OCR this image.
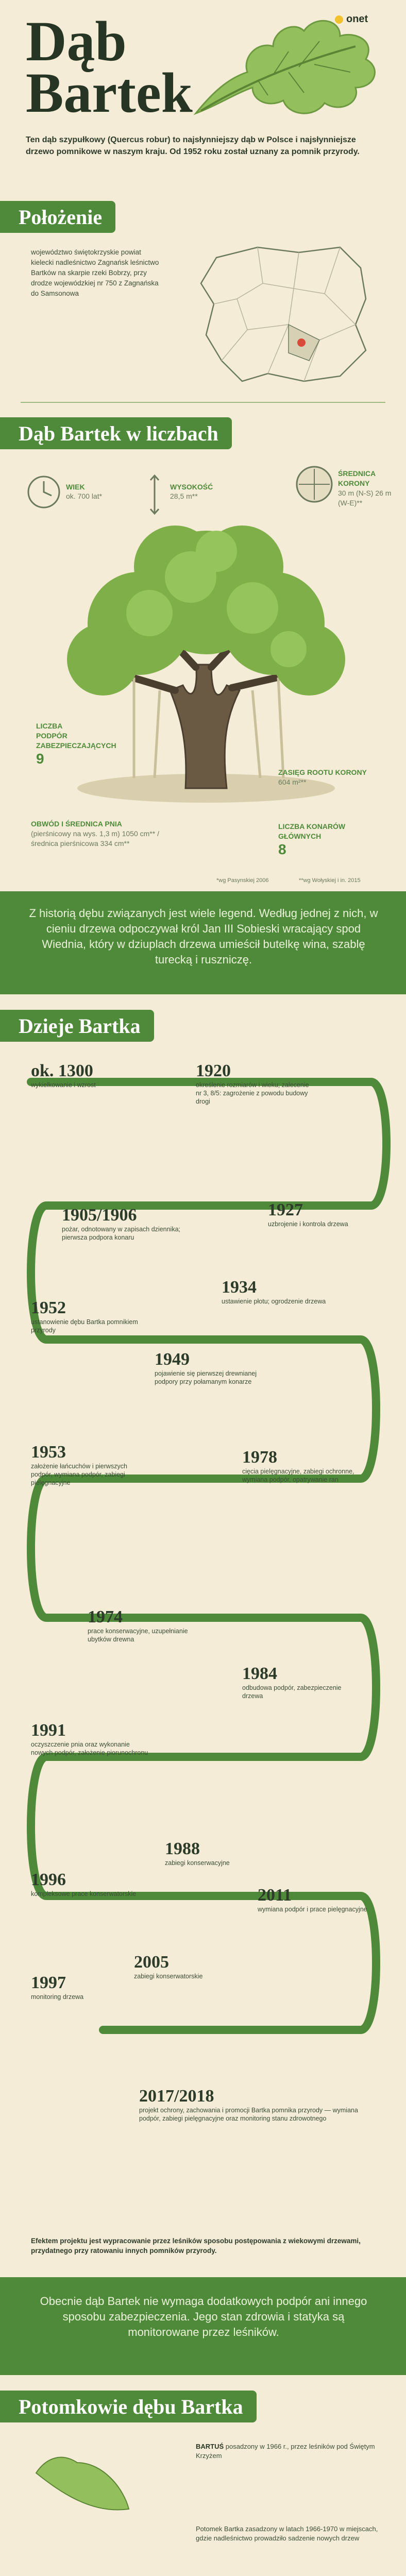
Dąb
Bartek
onet
Ten dąb szypułkowy (Quercus robur) to najsłynniejszy dąb w Polsce i najsłynniejsze drzewo pomnikowe w naszym kraju. Od 1952 roku został uznany za pomnik przyrody.
Położenie
województwo świętokrzyskie powiat kielecki nadleśnictwo Zagnańsk leśnictwo Bartków na skarpie rzeki Bobrzy, przy drodze wojewódzkiej nr 750 z Zagnańska do Samsonowa
Dąb Bartek w liczbach
WIEK
ok. 700 lat*
WYSOKOŚĆ
28,5 m**
ŚREDNICA KORONY
30 m (N-S) 26 m (W-E)**
LICZBA PODPÓR ZABEZPIECZAJĄCYCH
9
ZASIĘG ROOTU KORONY
604 m²**
OBWÓD I ŚREDNICA PNIA
(pierśnicowy na wys. 1,3 m) 1050 cm** / średnica pierśnicowa 334 cm**
LICZBA KONARÓW GŁÓWNYCH
8
*wg Pasynskiej 2006	**wg Wołyskiej i in. 2015
Z historią dębu związanych jest wiele legend. Według jednej z nich, w cieniu drzewa odpoczywał król Jan III Sobieski wracający spod Wiednia, który w dziuplach drzewa umieścił butelkę wina, szablę turecką i ruszniczę.
Dzieje Bartka
ok. 1300
wykiełkowanie i wzrost
1920
określenie rozmiarów i wieku; zalecenie nr 3, 8/5: zagrożenie z powodu budowy drogi
1905/1906
pożar, odnotowany w zapisach dziennika; pierwsza podpora konaru
1927
uzbrojenie i kontrola drzewa
1934
ustawienie płotu; ogrodzenie drzewa
1952
ustanowienie dębu Bartka pomnikiem przyrody
1949
pojawienie się pierwszej drewnianej podpory przy połamanym konarze
1953
założenie łańcuchów i pierwszych podpór, wymiana podpór, zabiegi pielęgnacyjne
1978
cięcia pielęgnacyjne, zabiegi ochronne, wymiana podpór, opatrywanie ran
1974
prace konserwacyjne, uzupełnianie ubytków drewna
1984
odbudowa podpór, zabezpieczenie drzewa
1991
oczyszczenie pnia oraz wykonanie nowych podpór, założenie piorunochronu
1988
zabiegi konserwacyjne
1996
kompleksowe prace konserwatorskie	2011
wymiana podpór i prace pielęgnacyjne
2005
zabiegi konserwatorskie
1997
monitoring drzewa
2017/2018
projekt ochrony, zachowania i promocji Bartka pomnika przyrody — wymiana podpór, zabiegi pielęgnacyjne oraz monitoring stanu zdrowotnego
Efektem projektu jest wypracowanie przez leśników sposobu postępowania z wiekowymi drzewami, przydatnego przy ratowaniu innych pomników przyrody.
Obecnie dąb Bartek nie wymaga dodatkowych podpór ani innego sposobu zabezpieczenia. Jego stan zdrowia i statyka są monitorowane przez leśników.
Potomkowie dębu Bartka
BARTUŚ posadzony w 1966 r., przez leśników pod Świętym Krzyżem
Potomek Bartka zasadzony w latach 1966-1970 w miejscach, gdzie nadleśnictwo prowadziło sadzenie nowych drzew
